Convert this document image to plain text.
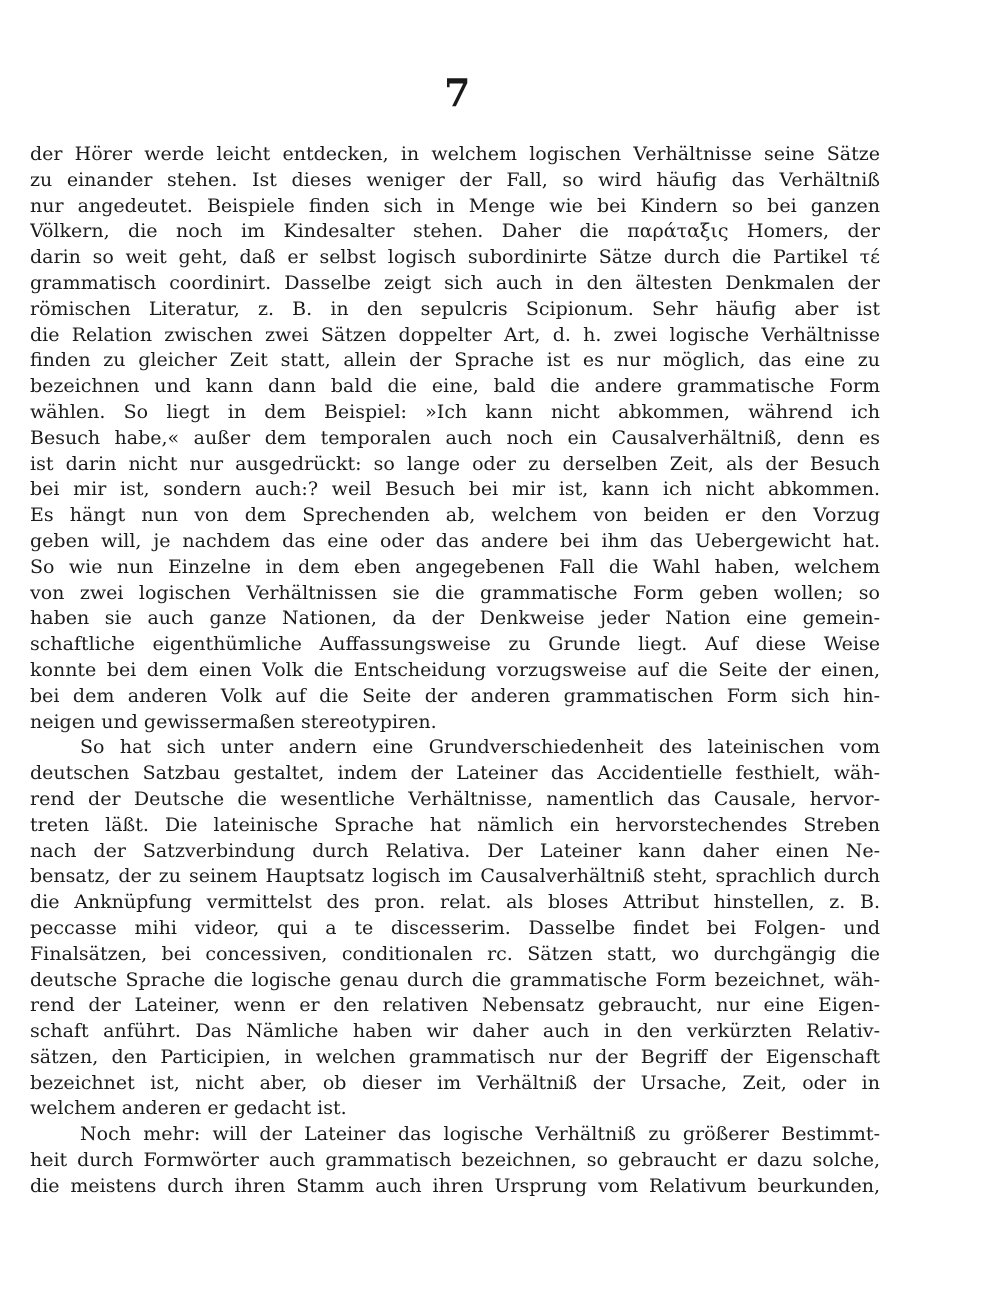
7
der Hörer werde leicht entdecken, in welchem logischen Verhältnisse seine Sätze
zu einander stehen. Ist dieses weniger der Fall, so wird häufig das Verhältniß
nur angedeutet. Beispiele finden sich in Menge wie bei Kindern so bei ganzen
Völkern, die noch im Kindesalter stehen. Daher die παράταξις Homers, der
darin so weit geht, daß er selbst logisch subordinirte Sätze durch die Partikel τέ
grammatisch coordinirt. Dasselbe zeigt sich auch in den ältesten Denkmalen der
römischen Literatur, z. B. in den sepulcris Scipionum. Sehr häufig aber ist
die Relation zwischen zwei Sätzen doppelter Art, d. h. zwei logische Verhältnisse
finden zu gleicher Zeit statt, allein der Sprache ist es nur möglich, das eine zu
bezeichnen und kann dann bald die eine, bald die andere grammatische Form
wählen. So liegt in dem Beispiel: »Ich kann nicht abkommen, während ich
Besuch habe,« außer dem temporalen auch noch ein Causalverhältniß, denn es
ist darin nicht nur ausgedrückt: so lange oder zu derselben Zeit, als der Besuch
bei mir ist, sondern auch:? weil Besuch bei mir ist, kann ich nicht abkommen.
Es hängt nun von dem Sprechenden ab, welchem von beiden er den Vorzug
geben will, je nachdem das eine oder das andere bei ihm das Uebergewicht hat.
So wie nun Einzelne in dem eben angegebenen Fall die Wahl haben, welchem
von zwei logischen Verhältnissen sie die grammatische Form geben wollen; so
haben sie auch ganze Nationen, da der Denkweise jeder Nation eine gemein-
schaftliche eigenthümliche Auffassungsweise zu Grunde liegt. Auf diese Weise
konnte bei dem einen Volk die Entscheidung vorzugsweise auf die Seite der einen,
bei dem anderen Volk auf die Seite der anderen grammatischen Form sich hin-
neigen und gewissermaßen stereotypiren.
So hat sich unter andern eine Grundverschiedenheit des lateinischen vom
deutschen Satzbau gestaltet, indem der Lateiner das Accidentielle festhielt, wäh-
rend der Deutsche die wesentliche Verhältnisse, namentlich das Causale, hervor-
treten läßt. Die lateinische Sprache hat nämlich ein hervorstechendes Streben
nach der Satzverbindung durch Relativa. Der Lateiner kann daher einen Ne-
bensatz, der zu seinem Hauptsatz logisch im Causalverhältniß steht, sprachlich durch
die Anknüpfung vermittelst des pron. relat. als bloses Attribut hinstellen, z. B.
peccasse mihi videor, qui a te discesserim. Dasselbe findet bei Folgen- und
Finalsätzen, bei concessiven, conditionalen rc. Sätzen statt, wo durchgängig die
deutsche Sprache die logische genau durch die grammatische Form bezeichnet, wäh-
rend der Lateiner, wenn er den relativen Nebensatz gebraucht, nur eine Eigen-
schaft anführt. Das Nämliche haben wir daher auch in den verkürzten Relativ-
sätzen, den Participien, in welchen grammatisch nur der Begriff der Eigenschaft
bezeichnet ist, nicht aber, ob dieser im Verhältniß der Ursache, Zeit, oder in
welchem anderen er gedacht ist.
Noch mehr: will der Lateiner das logische Verhältniß zu größerer Bestimmt-
heit durch Formwörter auch grammatisch bezeichnen, so gebraucht er dazu solche,
die meistens durch ihren Stamm auch ihren Ursprung vom Relativum beurkunden,
